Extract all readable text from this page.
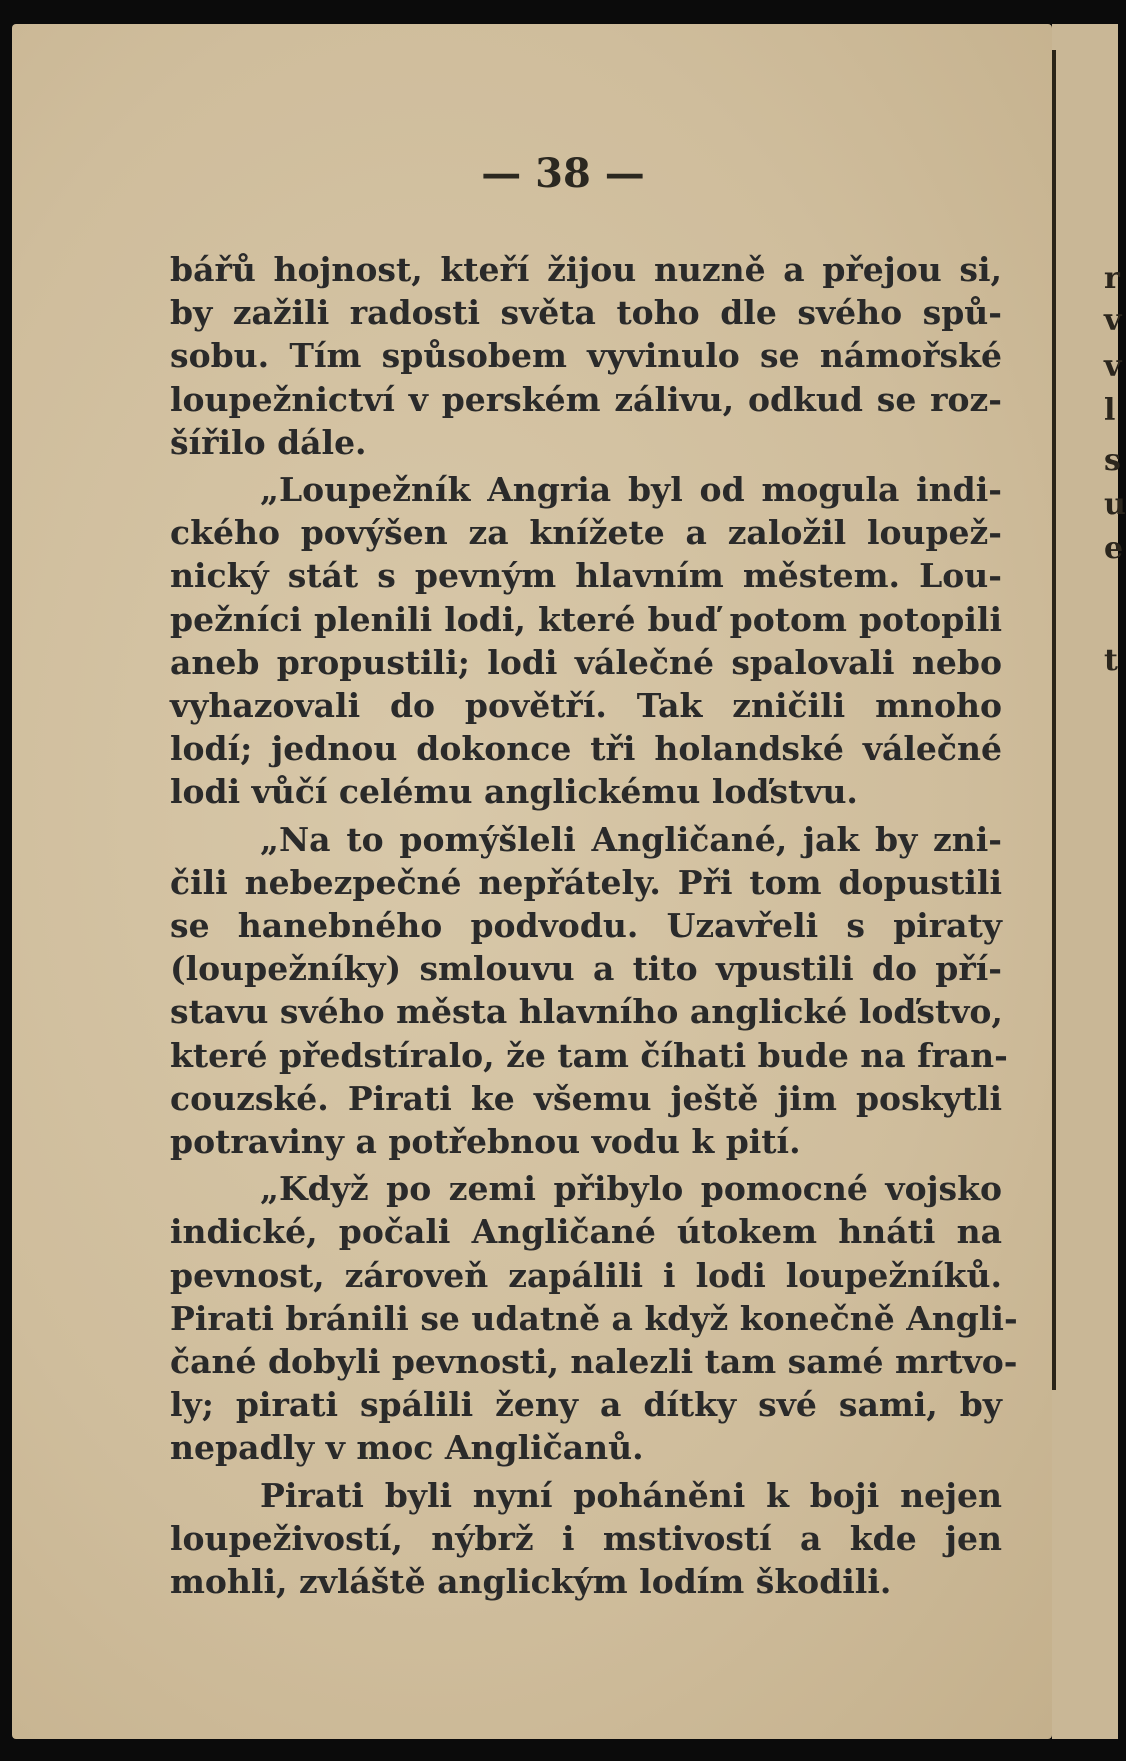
r
v
v
l
s
u
e
t
— 38 —

bářů hojnost, kteří žijou nuzně a přejou si,
by zažili radosti světa toho dle svého spů-
sobu. Tím spůsobem vyvinulo se námořské
loupežnictví v perském zálivu, odkud se roz-
šířilo dále.

„Loupežník Angria byl od mogula indi-
ckého povýšen za knížete a založil loupež-
nický stát s pevným hlavním městem. Lou-
pežníci plenili lodi, které buď potom potopili
aneb propustili; lodi válečné spalovali nebo
vyhazovali do povětří. Tak zničili mnoho
lodí; jednou dokonce tři holandské válečné
lodi vůčí celému anglickému loďstvu.

„Na to pomýšleli Angličané, jak by zni-
čili nebezpečné nepřátely. Při tom dopustili
se hanebného podvodu. Uzavřeli s piraty
(loupežníky) smlouvu a tito vpustili do pří-
stavu svého města hlavního anglické loďstvo,
které předstíralo, že tam číhati bude na fran-
couzské. Pirati ke všemu ještě jim poskytli
potraviny a potřebnou vodu k pití.

„Když po zemi přibylo pomocné vojsko
indické, počali Angličané útokem hnáti na
pevnost, zároveň zapálili i lodi loupežníků.
Pirati bránili se udatně a když konečně Angli-
čané dobyli pevnosti, nalezli tam samé mrtvo-
ly; pirati spálili ženy a dítky své sami, by
nepadly v moc Angličanů.

Pirati byli nyní poháněni k boji nejen
loupeživostí, nýbrž i mstivostí a kde jen
mohli, zvláště anglickým lodím škodili.
